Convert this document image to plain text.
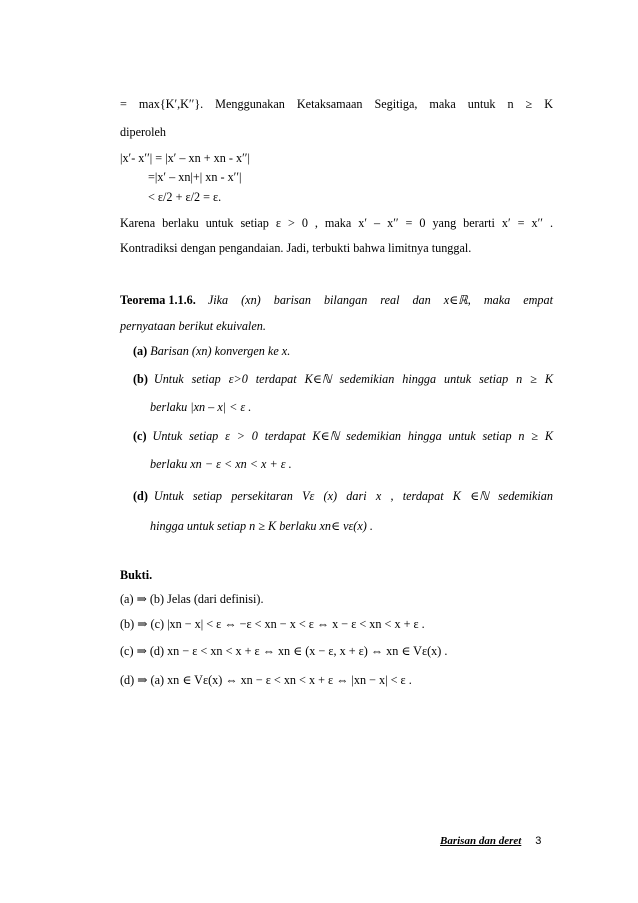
= max{K′,K′′}. Menggunakan Ketaksamaan Segitiga, maka untuk n ≥ K
diperoleh
|x′- x′′| = |x′ – xn + xn - x′′|
=|x′ – xn|+| xn - x′′|
< ε/2 + ε/2 = ε.
Karena berlaku untuk setiap ε > 0 , maka x′ – x′′ = 0 yang berarti x′ = x′′ .
Kontradiksi dengan pengandaian. Jadi, terbukti bahwa limitnya tunggal.
Teorema 1.1.6. Jika (xn) barisan bilangan real dan x∈ℝ, maka empat
pernyataan berikut ekuivalen.
(a) Barisan (xn) konvergen ke x.
(b) Untuk setiap ε>0 terdapat K∈ℕ sedemikian hingga untuk setiap n ≥ K
berlaku |xn – x| < ε .
(c) Untuk setiap ε > 0 terdapat K∈ℕ sedemikian hingga untuk setiap n ≥ K
berlaku xn − ε < xn < x + ε .
(d) Untuk setiap persekitaran Vε (x) dari x , terdapat K ∈ℕ sedemikian
hingga untuk setiap n ≥ K berlaku xn∈ vε(x) .
Bukti.
(a) ⇒ (b) Jelas (dari definisi).
(b) ⇒ (c) |xn − x| < ε ⇔ −ε < xn − x < ε ⇔ x − ε < xn < x + ε .
(c) ⇒ (d) xn − ε < xn < x + ε ⇔ xn ∈ (x − ε, x + ε) ⇔ xn ∈ Vε(x) .
(d) ⇒ (a) xn ∈ Vε(x) ⇔ xn − ε < xn < x + ε ⇔ |xn − x| < ε .
Barisan dan deret 3
